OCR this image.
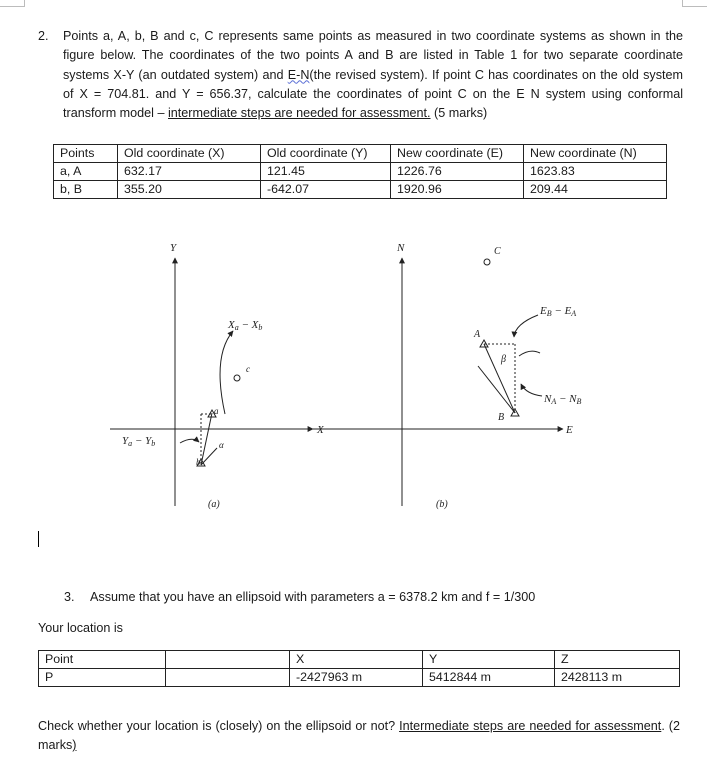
2. Points a, A, b, B and c, C represents same points as measured in two coordinate systems as shown in the figure below. The coordinates of the two points A and B are listed in Table 1 for two separate coordinate systems X-Y (an outdated system) and E-N(the revised system). If point C has coordinates on the old system of X = 704.81. and Y = 656.37, calculate the coordinates of point C on the E N system using conformal transform model – intermediate steps are needed for assessment. (5 marks)
Points	Old coordinate (X)	Old coordinate (Y)	New coordinate (E)	New coordinate (N)
a, A	632.17	121.45	1226.76	1623.83
b, B	355.20	-642.07	1920.96	209.44
Y
X
Xa − Xb
Ya − Yb
a
b
c
α
(a)
N
E
EB − EA
NA − NB
A
B
C
β
(b)
3. Assume that you have an ellipsoid with parameters a = 6378.2 km and f = 1/300
Your location is
Point		X	Y	Z
P		-2427963 m	5412844 m	2428113 m
Check whether your location is (closely) on the ellipsoid or not? Intermediate steps are needed for assessment. (2 marks)
